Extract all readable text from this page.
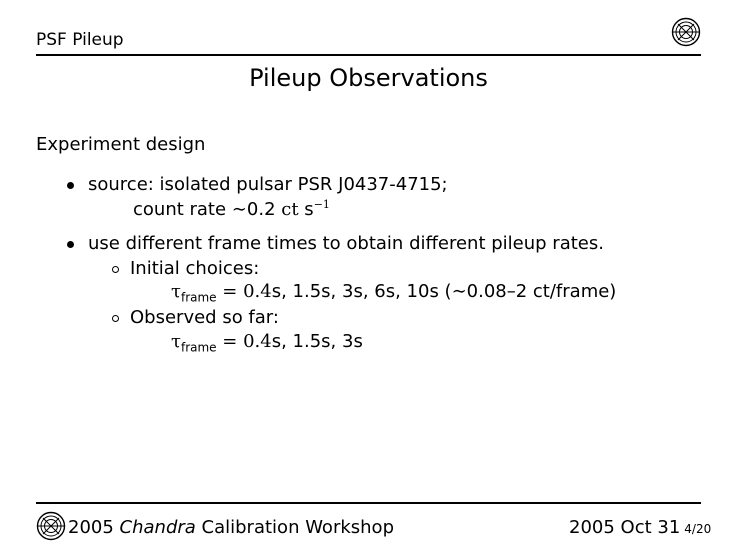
PSF Pileup
Pileup Observations
Experiment design
source: isolated pulsar PSR J0437-4715;
count rate ∼0.2 ct $s^{-1}$
use different frame times to obtain different pileup rates.
Initial choices:
$\tau_{frame} = 0.4s$, 1.5s, 3s, 6s, 10s (∼0.08–2 ct/frame)
Observed so far:
$\tau_{frame} = 0.4s$, 1.5s, 3s
2005 Chandra Calibration Workshop	2005 Oct 31 4/20
